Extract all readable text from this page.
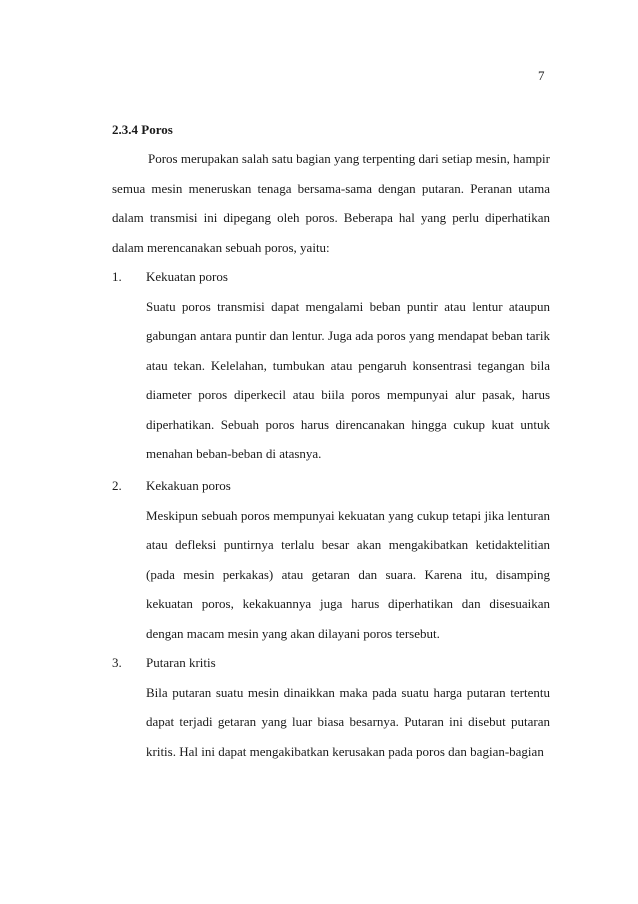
7
2.3.4 Poros
Poros merupakan salah satu bagian yang terpenting dari setiap mesin, hampir semua mesin meneruskan tenaga bersama-sama dengan putaran. Peranan utama dalam transmisi ini dipegang oleh poros. Beberapa hal yang perlu diperhatikan dalam merencanakan sebuah poros, yaitu:
1.	Kekuatan poros
Suatu poros transmisi dapat mengalami beban puntir atau lentur ataupun gabungan antara puntir dan lentur. Juga ada poros yang mendapat beban tarik atau tekan. Kelelahan, tumbukan atau pengaruh konsentrasi tegangan bila diameter poros diperkecil atau biila poros mempunyai alur pasak, harus diperhatikan. Sebuah poros harus direncanakan hingga cukup kuat untuk menahan beban-beban di atasnya.
2.	Kekakuan poros
Meskipun sebuah poros mempunyai kekuatan yang cukup tetapi jika lenturan atau defleksi puntirnya terlalu besar akan mengakibatkan ketidaktelitian (pada mesin perkakas) atau getaran dan suara. Karena itu, disamping kekuatan poros, kekakuannya juga harus diperhatikan dan disesuaikan dengan macam mesin yang akan dilayani poros tersebut.
3.	Putaran kritis
Bila putaran suatu mesin dinaikkan maka pada suatu harga putaran tertentu dapat terjadi getaran yang luar biasa besarnya. Putaran ini disebut putaran kritis. Hal ini dapat mengakibatkan kerusakan pada poros dan bagian-bagian
